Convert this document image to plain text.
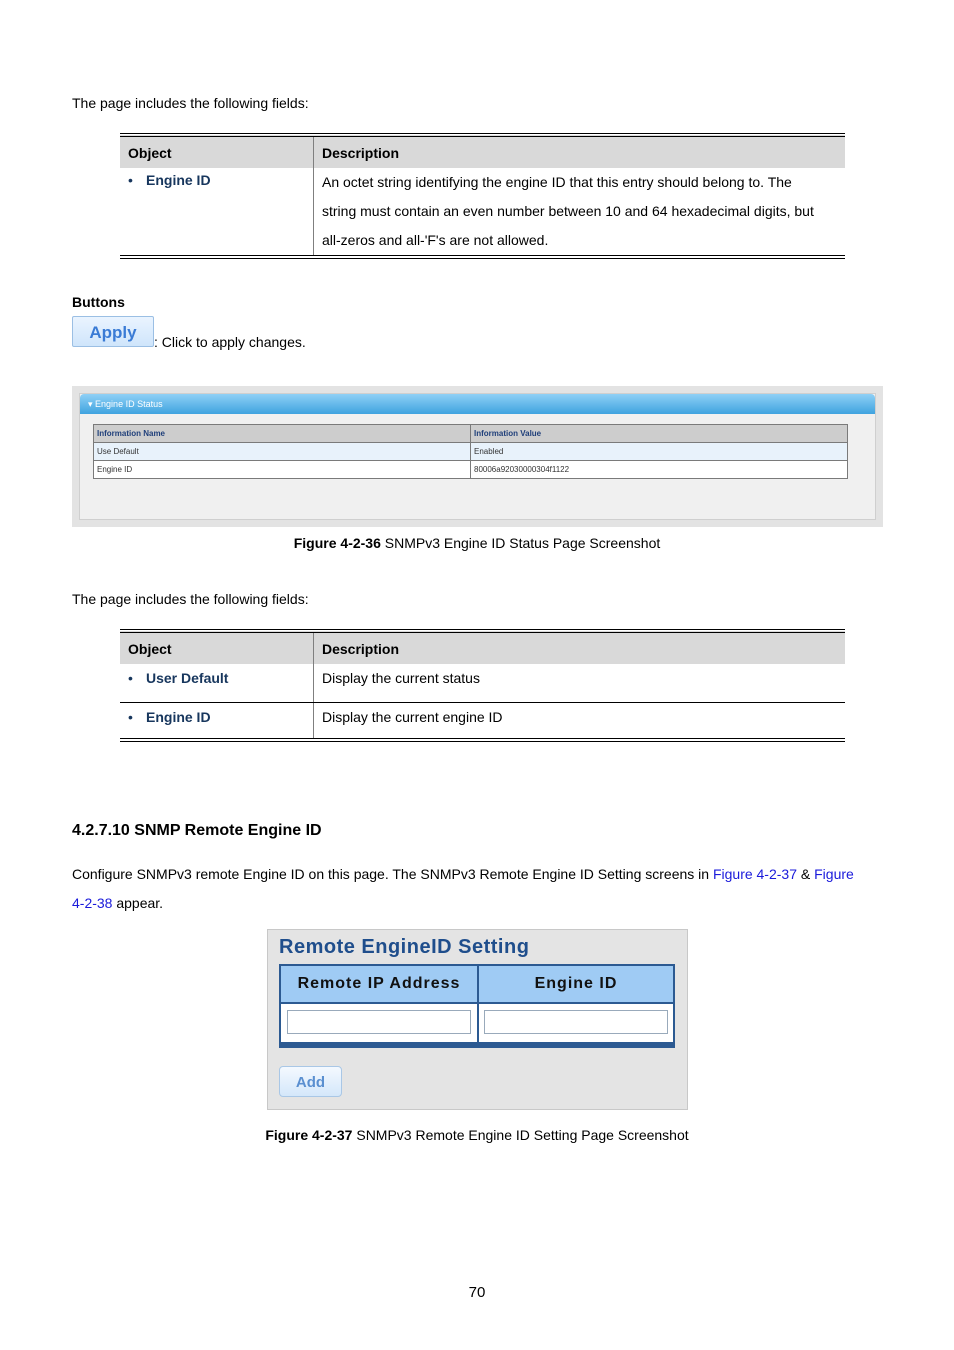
The page includes the following fields:
Object	Description
• Engine ID	An octet string identifying the engine ID that this entry should belong to. The
string must contain an even number between 10 and 64 hexadecimal digits, but
all-zeros and all-'F's are not allowed.
Buttons
Apply	: Click to apply changes.
▾ Engine ID Status
Information Name	Information Value
Use Default	Enabled
Engine ID	80006a92030000304f1122
Figure 4-2-36 SNMPv3 Engine ID Status Page Screenshot
The page includes the following fields:
Object	Description
• User Default	Display the current status
• Engine ID	Display the current engine ID
4.2.7.10 SNMP Remote Engine ID
Configure SNMPv3 remote Engine ID on this page. The SNMPv3 Remote Engine ID Setting screens in Figure 4-2-37 & Figure
4-2-38 appear.
Remote EngineID Setting
Remote IP Address	Engine ID
Add
Figure 4-2-37 SNMPv3 Remote Engine ID Setting Page Screenshot
70
